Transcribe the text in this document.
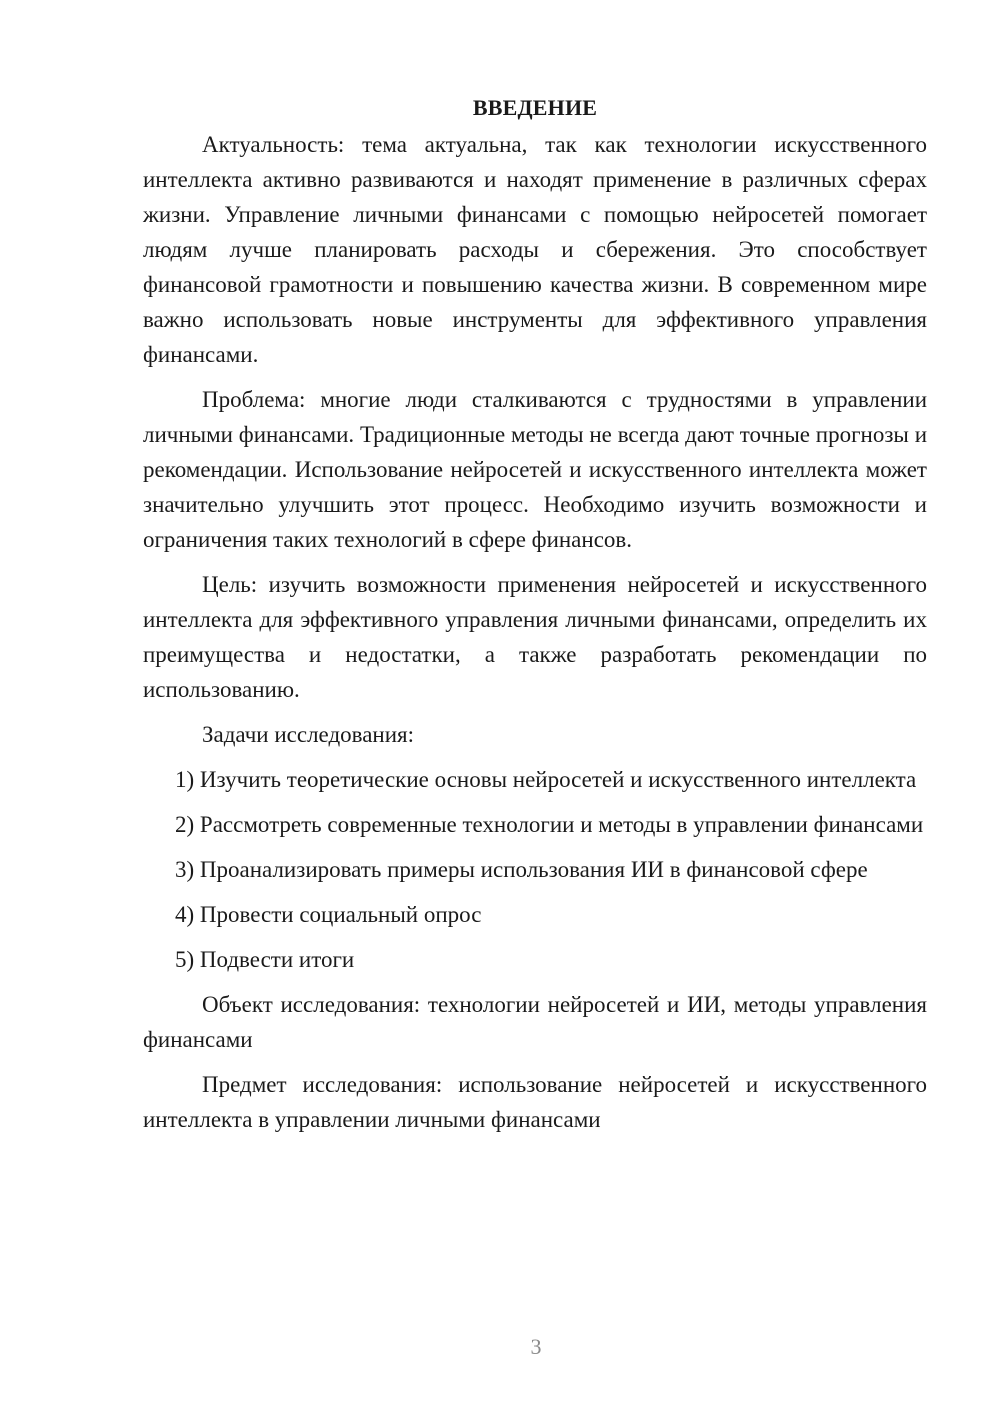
ВВЕДЕНИЕ

Актуальность: тема актуальна, так как технологии искусственного интеллекта активно развиваются и находят применение в различных сферах жизни. Управление личными финансами с помощью нейросетей помогает людям лучше планировать расходы и сбережения. Это способствует финансовой грамотности и повышению качества жизни. В современном мире важно использовать новые инструменты для эффективного управления финансами.

Проблема: многие люди сталкиваются с трудностями в управлении личными финансами. Традиционные методы не всегда дают точные прогнозы и рекомендации. Использование нейросетей и искусственного интеллекта может значительно улучшить этот процесс. Необходимо изучить возможности и ограничения таких технологий в сфере финансов.

Цель: изучить возможности применения нейросетей и искусственного интеллекта для эффективного управления личными финансами, определить их преимущества и недостатки, а также разработать рекомендации по использованию.

Задачи исследования:

1) Изучить теоретические основы нейросетей и искусственного интеллекта

2) Рассмотреть современные технологии и методы в управлении финансами

3) Проанализировать примеры использования ИИ в финансовой сфере

4) Провести социальный опрос

5) Подвести итоги

Объект исследования: технологии нейросетей и ИИ, методы управления финансами

Предмет исследования: использование нейросетей и искусственного интеллекта в управлении личными финансами

3
